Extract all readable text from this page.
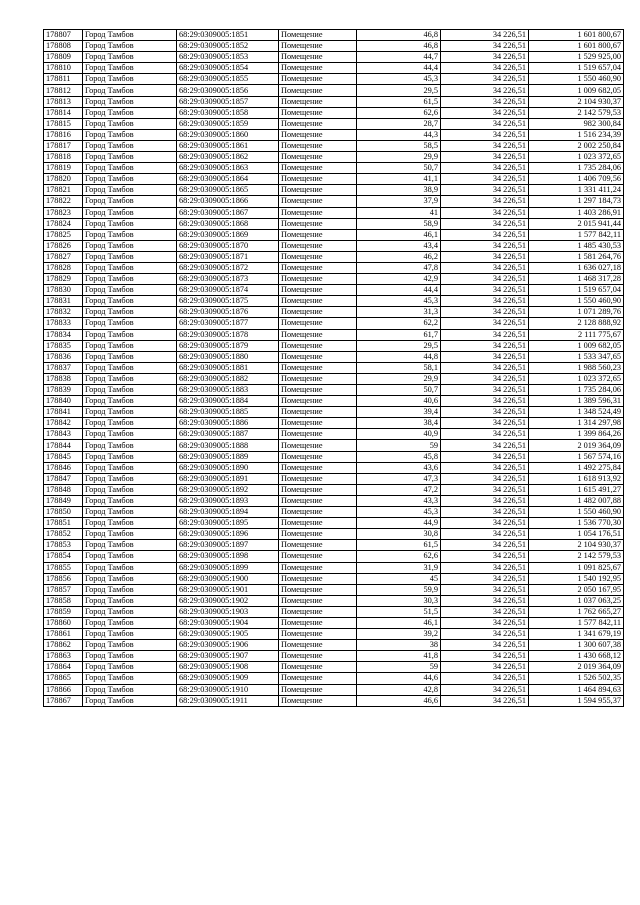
178807	Город Тамбов	68:29:0309005:1851	Помещение	46,8	34 226,51	1 601 800,67
178808	Город Тамбов	68:29:0309005:1852	Помещение	46,8	34 226,51	1 601 800,67
178809	Город Тамбов	68:29:0309005:1853	Помещение	44,7	34 226,51	1 529 925,00
178810	Город Тамбов	68:29:0309005:1854	Помещение	44,4	34 226,51	1 519 657,04
178811	Город Тамбов	68:29:0309005:1855	Помещение	45,3	34 226,51	1 550 460,90
178812	Город Тамбов	68:29:0309005:1856	Помещение	29,5	34 226,51	1 009 682,05
178813	Город Тамбов	68:29:0309005:1857	Помещение	61,5	34 226,51	2 104 930,37
178814	Город Тамбов	68:29:0309005:1858	Помещение	62,6	34 226,51	2 142 579,53
178815	Город Тамбов	68:29:0309005:1859	Помещение	28,7	34 226,51	982 300,84
178816	Город Тамбов	68:29:0309005:1860	Помещение	44,3	34 226,51	1 516 234,39
178817	Город Тамбов	68:29:0309005:1861	Помещение	58,5	34 226,51	2 002 250,84
178818	Город Тамбов	68:29:0309005:1862	Помещение	29,9	34 226,51	1 023 372,65
178819	Город Тамбов	68:29:0309005:1863	Помещение	50,7	34 226,51	1 735 284,06
178820	Город Тамбов	68:29:0309005:1864	Помещение	41,1	34 226,51	1 406 709,56
178821	Город Тамбов	68:29:0309005:1865	Помещение	38,9	34 226,51	1 331 411,24
178822	Город Тамбов	68:29:0309005:1866	Помещение	37,9	34 226,51	1 297 184,73
178823	Город Тамбов	68:29:0309005:1867	Помещение	41	34 226,51	1 403 286,91
178824	Город Тамбов	68:29:0309005:1868	Помещение	58,9	34 226,51	2 015 941,44
178825	Город Тамбов	68:29:0309005:1869	Помещение	46,1	34 226,51	1 577 842,11
178826	Город Тамбов	68:29:0309005:1870	Помещение	43,4	34 226,51	1 485 430,53
178827	Город Тамбов	68:29:0309005:1871	Помещение	46,2	34 226,51	1 581 264,76
178828	Город Тамбов	68:29:0309005:1872	Помещение	47,8	34 226,51	1 636 027,18
178829	Город Тамбов	68:29:0309005:1873	Помещение	42,9	34 226,51	1 468 317,28
178830	Город Тамбов	68:29:0309005:1874	Помещение	44,4	34 226,51	1 519 657,04
178831	Город Тамбов	68:29:0309005:1875	Помещение	45,3	34 226,51	1 550 460,90
178832	Город Тамбов	68:29:0309005:1876	Помещение	31,3	34 226,51	1 071 289,76
178833	Город Тамбов	68:29:0309005:1877	Помещение	62,2	34 226,51	2 128 888,92
178834	Город Тамбов	68:29:0309005:1878	Помещение	61,7	34 226,51	2 111 775,67
178835	Город Тамбов	68:29:0309005:1879	Помещение	29,5	34 226,51	1 009 682,05
178836	Город Тамбов	68:29:0309005:1880	Помещение	44,8	34 226,51	1 533 347,65
178837	Город Тамбов	68:29:0309005:1881	Помещение	58,1	34 226,51	1 988 560,23
178838	Город Тамбов	68:29:0309005:1882	Помещение	29,9	34 226,51	1 023 372,65
178839	Город Тамбов	68:29:0309005:1883	Помещение	50,7	34 226,51	1 735 284,06
178840	Город Тамбов	68:29:0309005:1884	Помещение	40,6	34 226,51	1 389 596,31
178841	Город Тамбов	68:29:0309005:1885	Помещение	39,4	34 226,51	1 348 524,49
178842	Город Тамбов	68:29:0309005:1886	Помещение	38,4	34 226,51	1 314 297,98
178843	Город Тамбов	68:29:0309005:1887	Помещение	40,9	34 226,51	1 399 864,26
178844	Город Тамбов	68:29:0309005:1888	Помещение	59	34 226,51	2 019 364,09
178845	Город Тамбов	68:29:0309005:1889	Помещение	45,8	34 226,51	1 567 574,16
178846	Город Тамбов	68:29:0309005:1890	Помещение	43,6	34 226,51	1 492 275,84
178847	Город Тамбов	68:29:0309005:1891	Помещение	47,3	34 226,51	1 618 913,92
178848	Город Тамбов	68:29:0309005:1892	Помещение	47,2	34 226,51	1 615 491,27
178849	Город Тамбов	68:29:0309005:1893	Помещение	43,3	34 226,51	1 482 007,88
178850	Город Тамбов	68:29:0309005:1894	Помещение	45,3	34 226,51	1 550 460,90
178851	Город Тамбов	68:29:0309005:1895	Помещение	44,9	34 226,51	1 536 770,30
178852	Город Тамбов	68:29:0309005:1896	Помещение	30,8	34 226,51	1 054 176,51
178853	Город Тамбов	68:29:0309005:1897	Помещение	61,5	34 226,51	2 104 930,37
178854	Город Тамбов	68:29:0309005:1898	Помещение	62,6	34 226,51	2 142 579,53
178855	Город Тамбов	68:29:0309005:1899	Помещение	31,9	34 226,51	1 091 825,67
178856	Город Тамбов	68:29:0309005:1900	Помещение	45	34 226,51	1 540 192,95
178857	Город Тамбов	68:29:0309005:1901	Помещение	59,9	34 226,51	2 050 167,95
178858	Город Тамбов	68:29:0309005:1902	Помещение	30,3	34 226,51	1 037 063,25
178859	Город Тамбов	68:29:0309005:1903	Помещение	51,5	34 226,51	1 762 665,27
178860	Город Тамбов	68:29:0309005:1904	Помещение	46,1	34 226,51	1 577 842,11
178861	Город Тамбов	68:29:0309005:1905	Помещение	39,2	34 226,51	1 341 679,19
178862	Город Тамбов	68:29:0309005:1906	Помещение	38	34 226,51	1 300 607,38
178863	Город Тамбов	68:29:0309005:1907	Помещение	41,8	34 226,51	1 430 668,12
178864	Город Тамбов	68:29:0309005:1908	Помещение	59	34 226,51	2 019 364,09
178865	Город Тамбов	68:29:0309005:1909	Помещение	44,6	34 226,51	1 526 502,35
178866	Город Тамбов	68:29:0309005:1910	Помещение	42,8	34 226,51	1 464 894,63
178867	Город Тамбов	68:29:0309005:1911	Помещение	46,6	34 226,51	1 594 955,37
